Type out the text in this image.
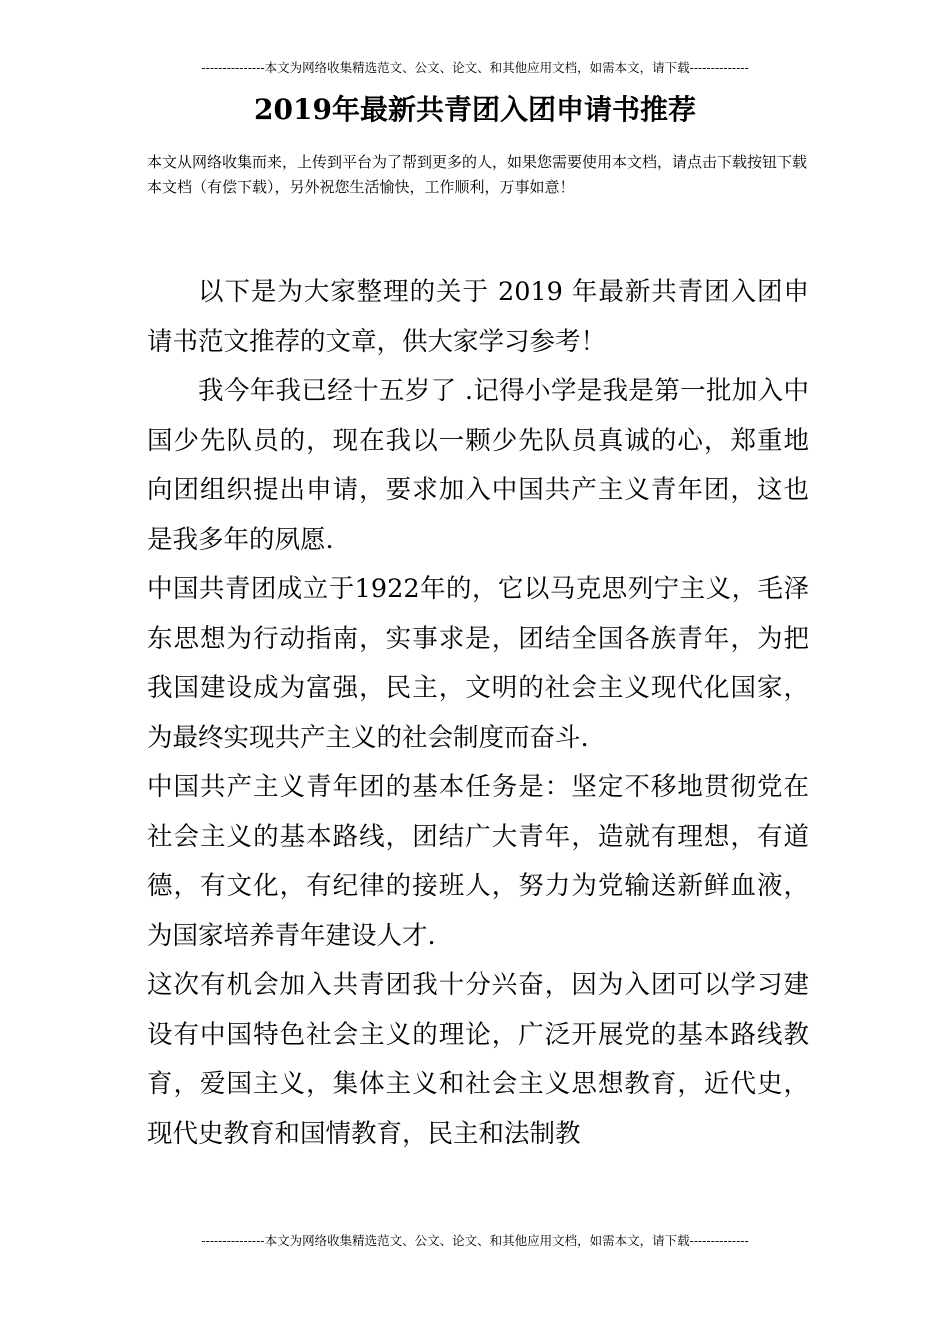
---------------本文为网络收集精选范文、公文、论文、和其他应用文档，如需本文，请下载--------------
2019年最新共青团入团申请书推荐

本文从网络收集而来，上传到平台为了帮到更多的人，如果您需要使用本文档，请点击下载按钮下载本文档（有偿下载），另外祝您生活愉快，工作顺利，万事如意！

以下是为大家整理的关于 2019 年最新共青团入团申请书范文推荐的文章，供大家学习参考！

我今年我已经十五岁了 .记得小学是我是第一批加入中国少先队员的，现在我以一颗少先队员真诚的心，郑重地向团组织提出申请，要求加入中国共产主义青年团，这也是我多年的夙愿.

中国共青团成立于1922年的，它以马克思列宁主义，毛泽东思想为行动指南，实事求是，团结全国各族青年，为把我国建设成为富强，民主，文明的社会主义现代化国家，为最终实现共产主义的社会制度而奋斗.

中国共产主义青年团的基本任务是：坚定不移地贯彻党在社会主义的基本路线，团结广大青年，造就有理想，有道德，有文化，有纪律的接班人，努力为党输送新鲜血液，为国家培养青年建设人才.

这次有机会加入共青团我十分兴奋，因为入团可以学习建设有中国特色社会主义的理论，广泛开展党的基本路线教育，爱国主义，集体主义和社会主义思想教育，近代史，现代史教育和国情教育，民主和法制教

---------------本文为网络收集精选范文、公文、论文、和其他应用文档，如需本文，请下载--------------
